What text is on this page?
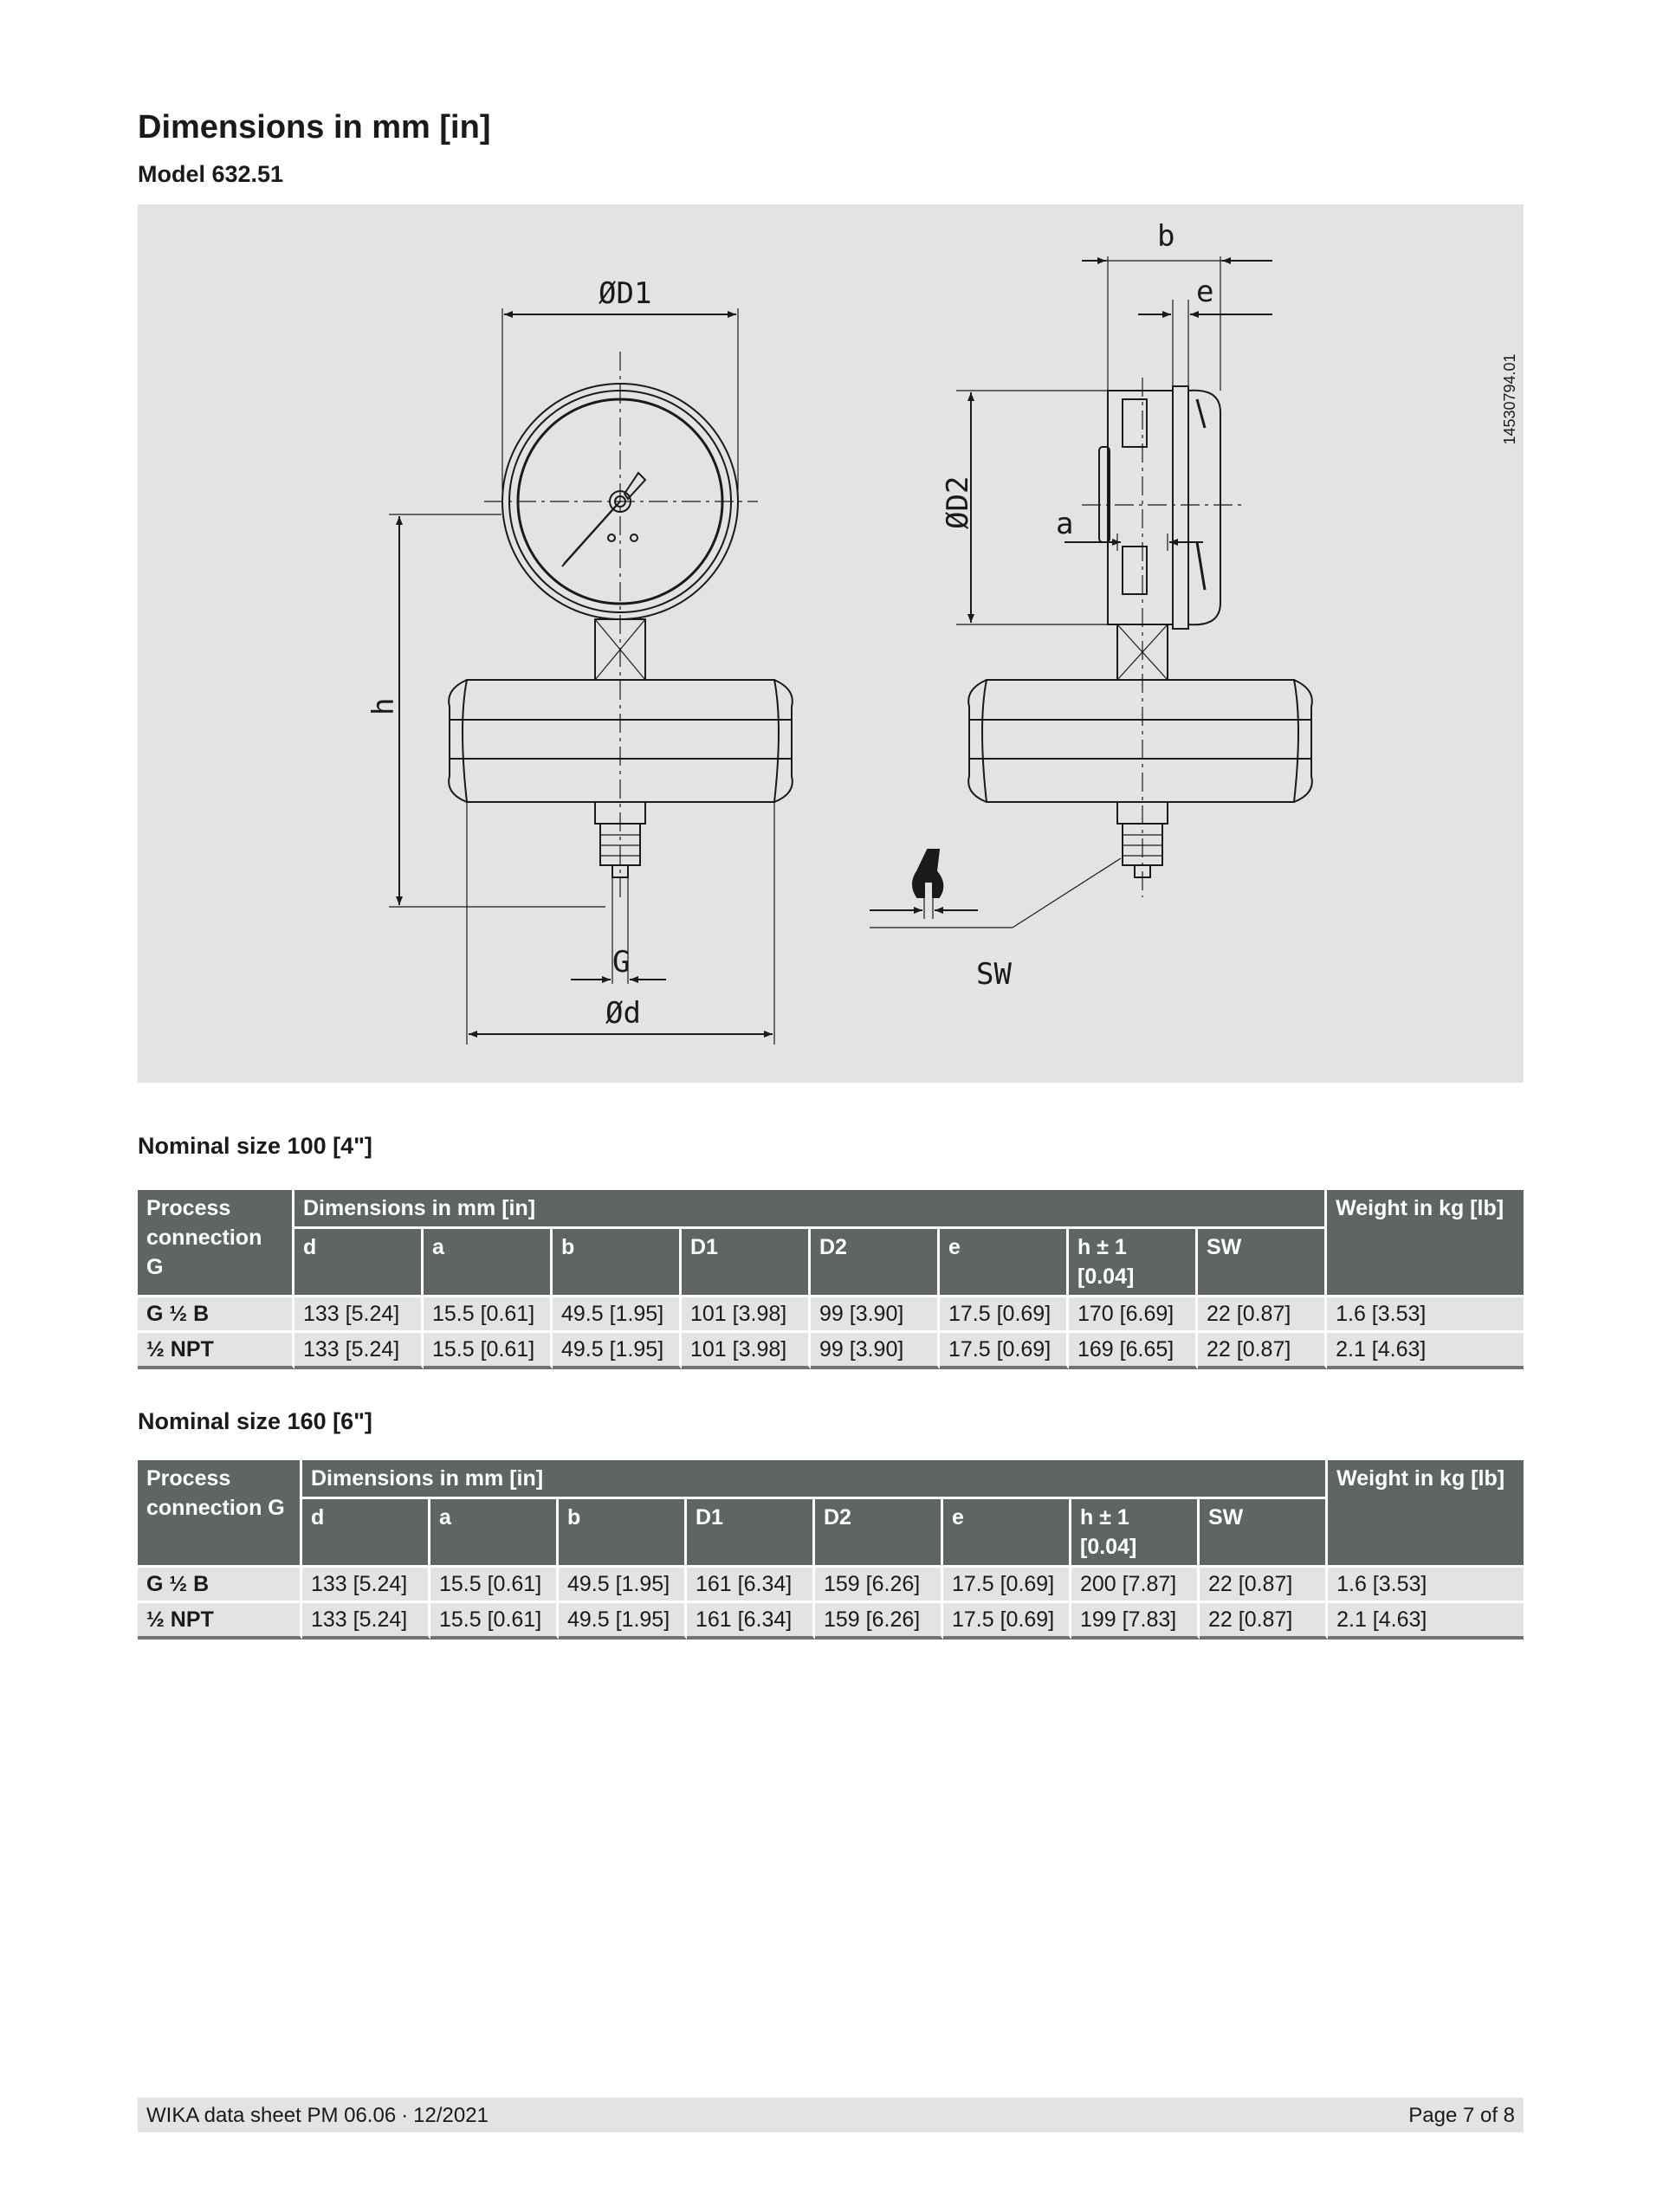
Dimensions in mm [in]
Model 632.51
ØD1
b
e
a
SW
G
Ød
h
ØD2
14530794.01
Nominal size 100 [4"]
Process connection G	Dimensions in mm [in]								Weight in kg [lb]
	d	a	b	D1	D2	e	h ± 1 [0.04]	SW	
G ½ B	133 [5.24]	15.5 [0.61]	49.5 [1.95]	101 [3.98]	99 [3.90]	17.5 [0.69]	170 [6.69]	22 [0.87]	1.6 [3.53]
½ NPT	133 [5.24]	15.5 [0.61]	49.5 [1.95]	101 [3.98]	99 [3.90]	17.5 [0.69]	169 [6.65]	22 [0.87]	2.1 [4.63]
Nominal size 160 [6"]
Process connection G	Dimensions in mm [in]								Weight in kg [lb]
	d	a	b	D1	D2	e	h ± 1 [0.04]	SW	
G ½ B	133 [5.24]	15.5 [0.61]	49.5 [1.95]	161 [6.34]	159 [6.26]	17.5 [0.69]	200 [7.87]	22 [0.87]	1.6 [3.53]
½ NPT	133 [5.24]	15.5 [0.61]	49.5 [1.95]	161 [6.34]	159 [6.26]	17.5 [0.69]	199 [7.83]	22 [0.87]	2.1 [4.63]
WIKA data sheet PM 06.06 ∙ 12/2021	Page 7 of 8
